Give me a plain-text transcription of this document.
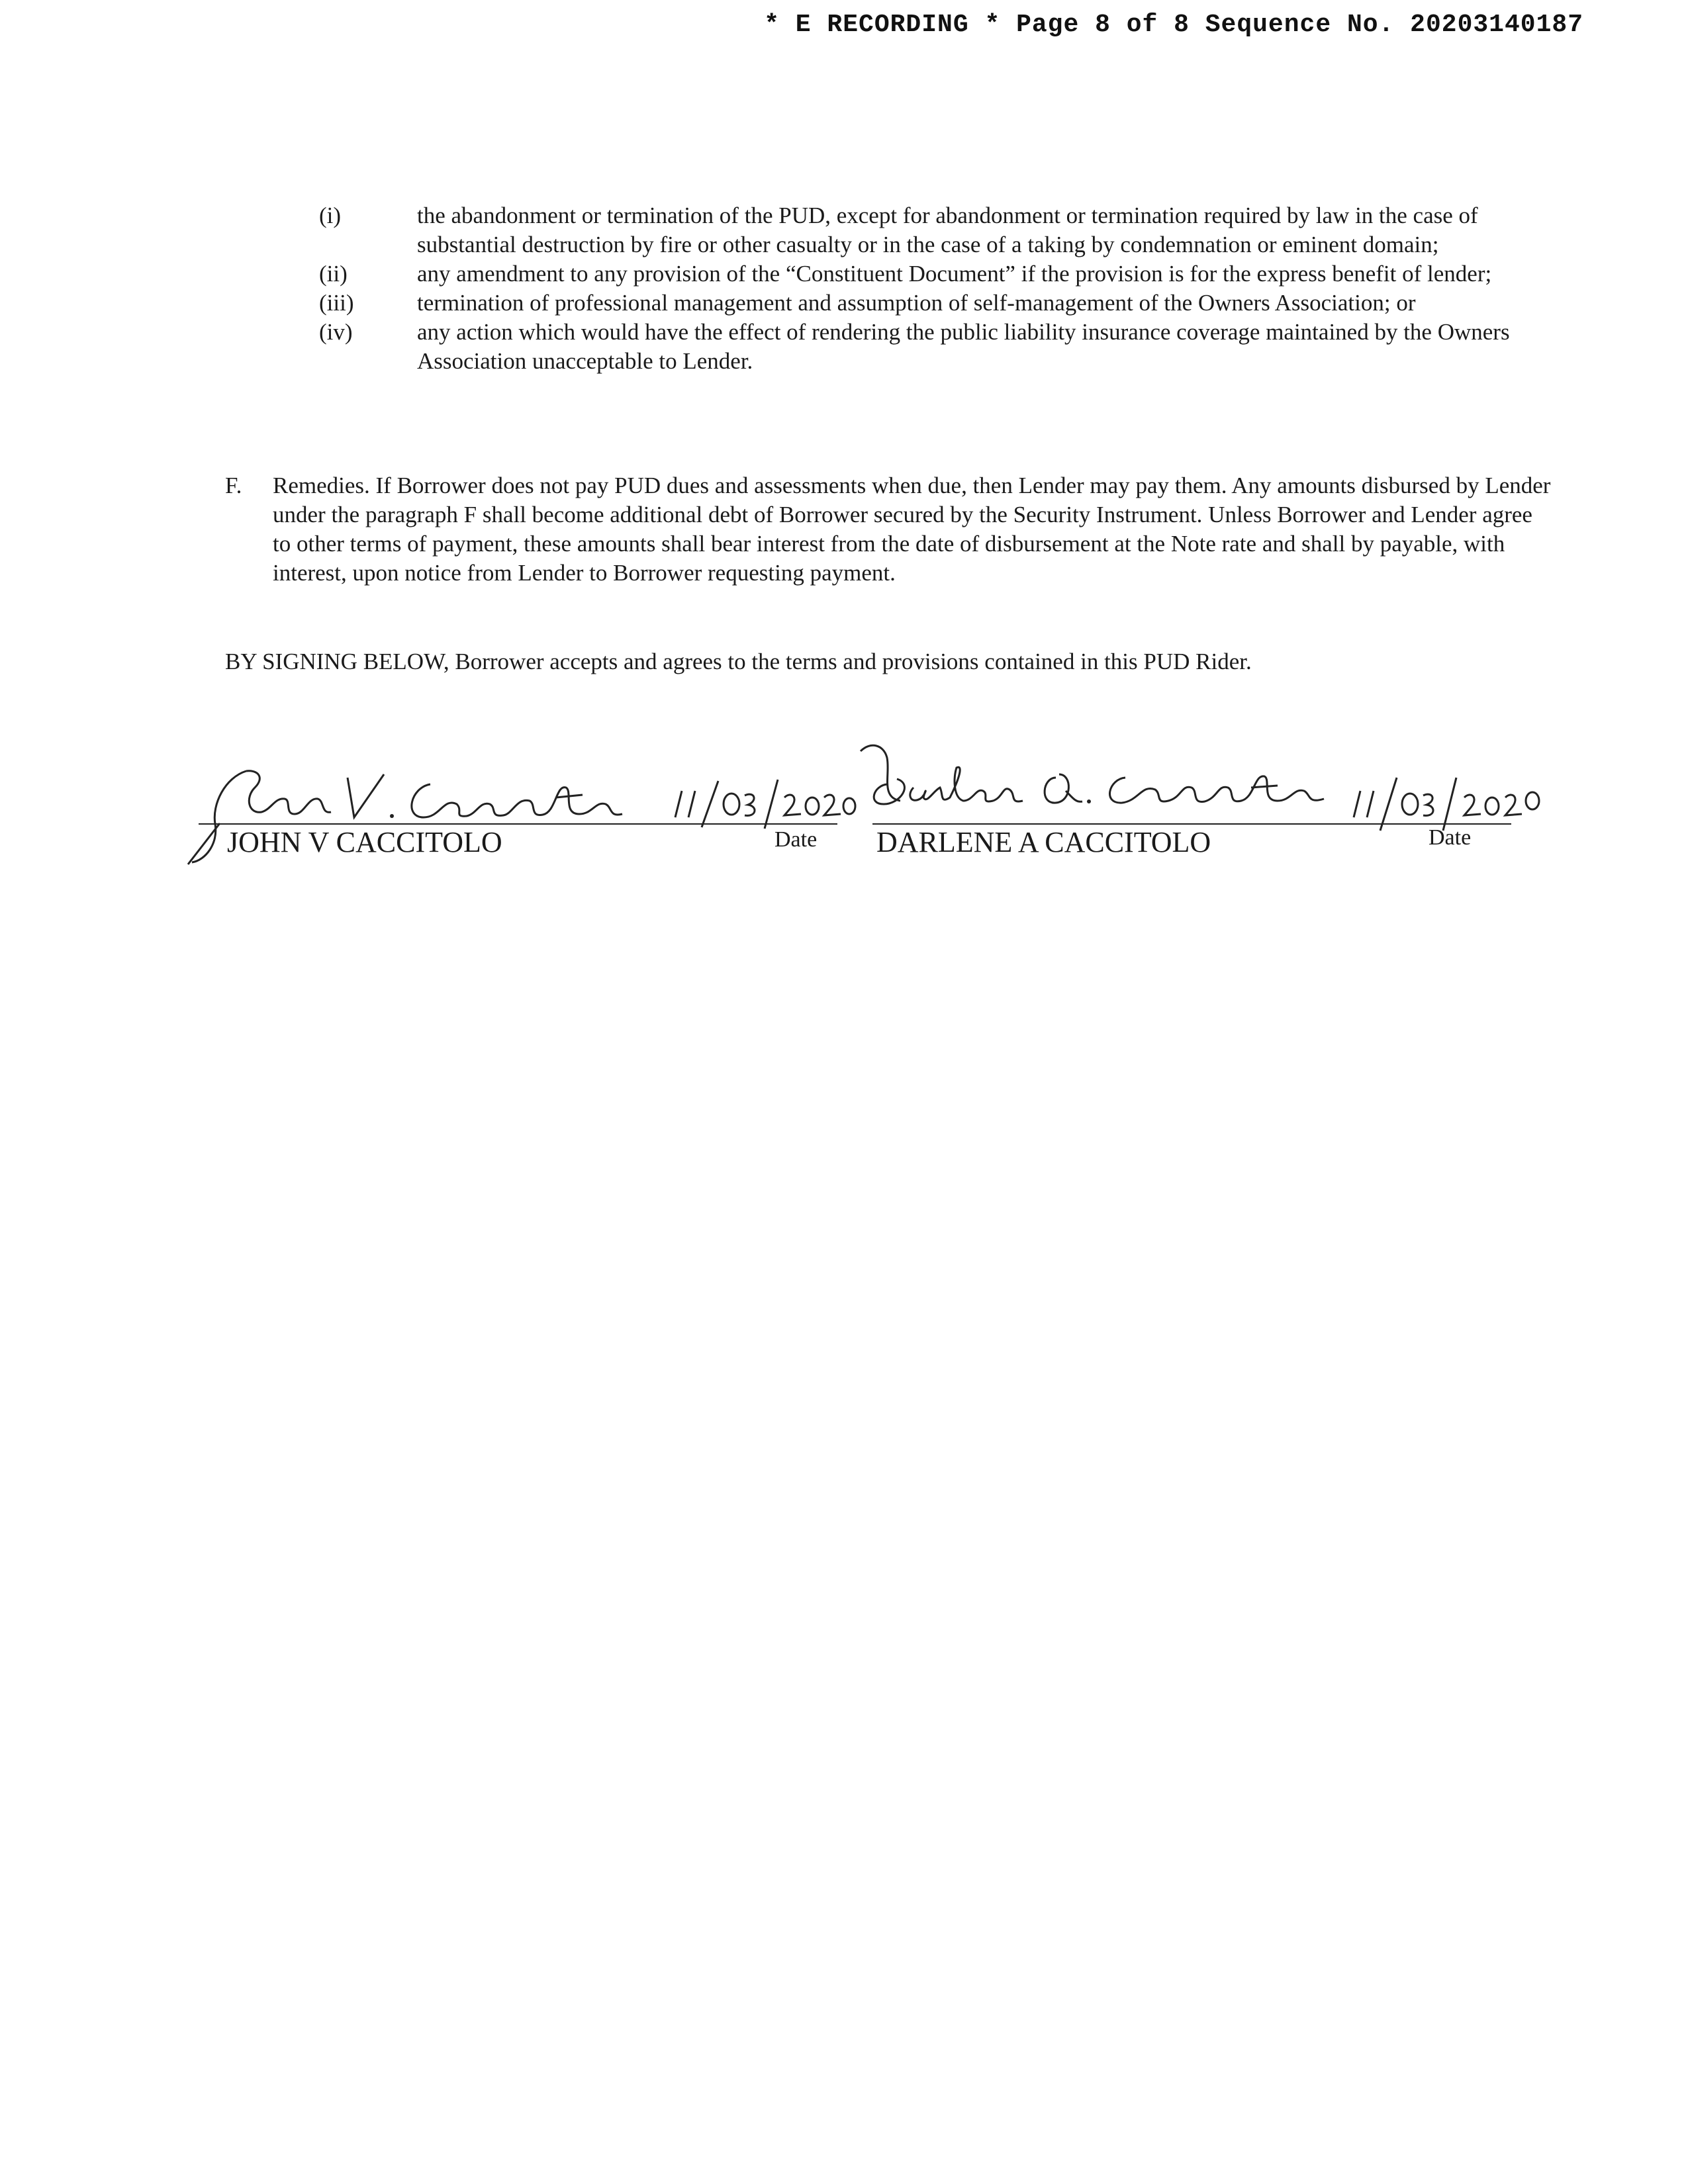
* E RECORDING * Page 8 of 8 Sequence No. 20203140187
(i)	the abandonment or termination of the PUD, except for abandonment or termination required by law in the case of substantial destruction by fire or other casualty or in the case of a taking by condemnation or eminent domain;
(ii)	any amendment to any provision of the “Constituent Document” if the provision is for the express benefit of lender;
(iii)	termination of professional management and assumption of self-management of the Owners Association; or
(iv)	any action which would have the effect of rendering the public liability insurance coverage maintained by the Owners Association unacceptable to Lender.
F. Remedies. If Borrower does not pay PUD dues and assessments when due, then Lender may pay them. Any amounts disbursed by Lender under the paragraph F shall become additional debt of Borrower secured by the Security Instrument. Unless Borrower and Lender agree to other terms of payment, these amounts shall bear interest from the date of disbursement at the Note rate and shall by payable, with interest, upon notice from Lender to Borrower requesting payment.
BY SIGNING BELOW, Borrower accepts and agrees to the terms and provisions contained in this PUD Rider.
JOHN V CACCITOLO	Date DARLENE A CACCITOLO	Date
